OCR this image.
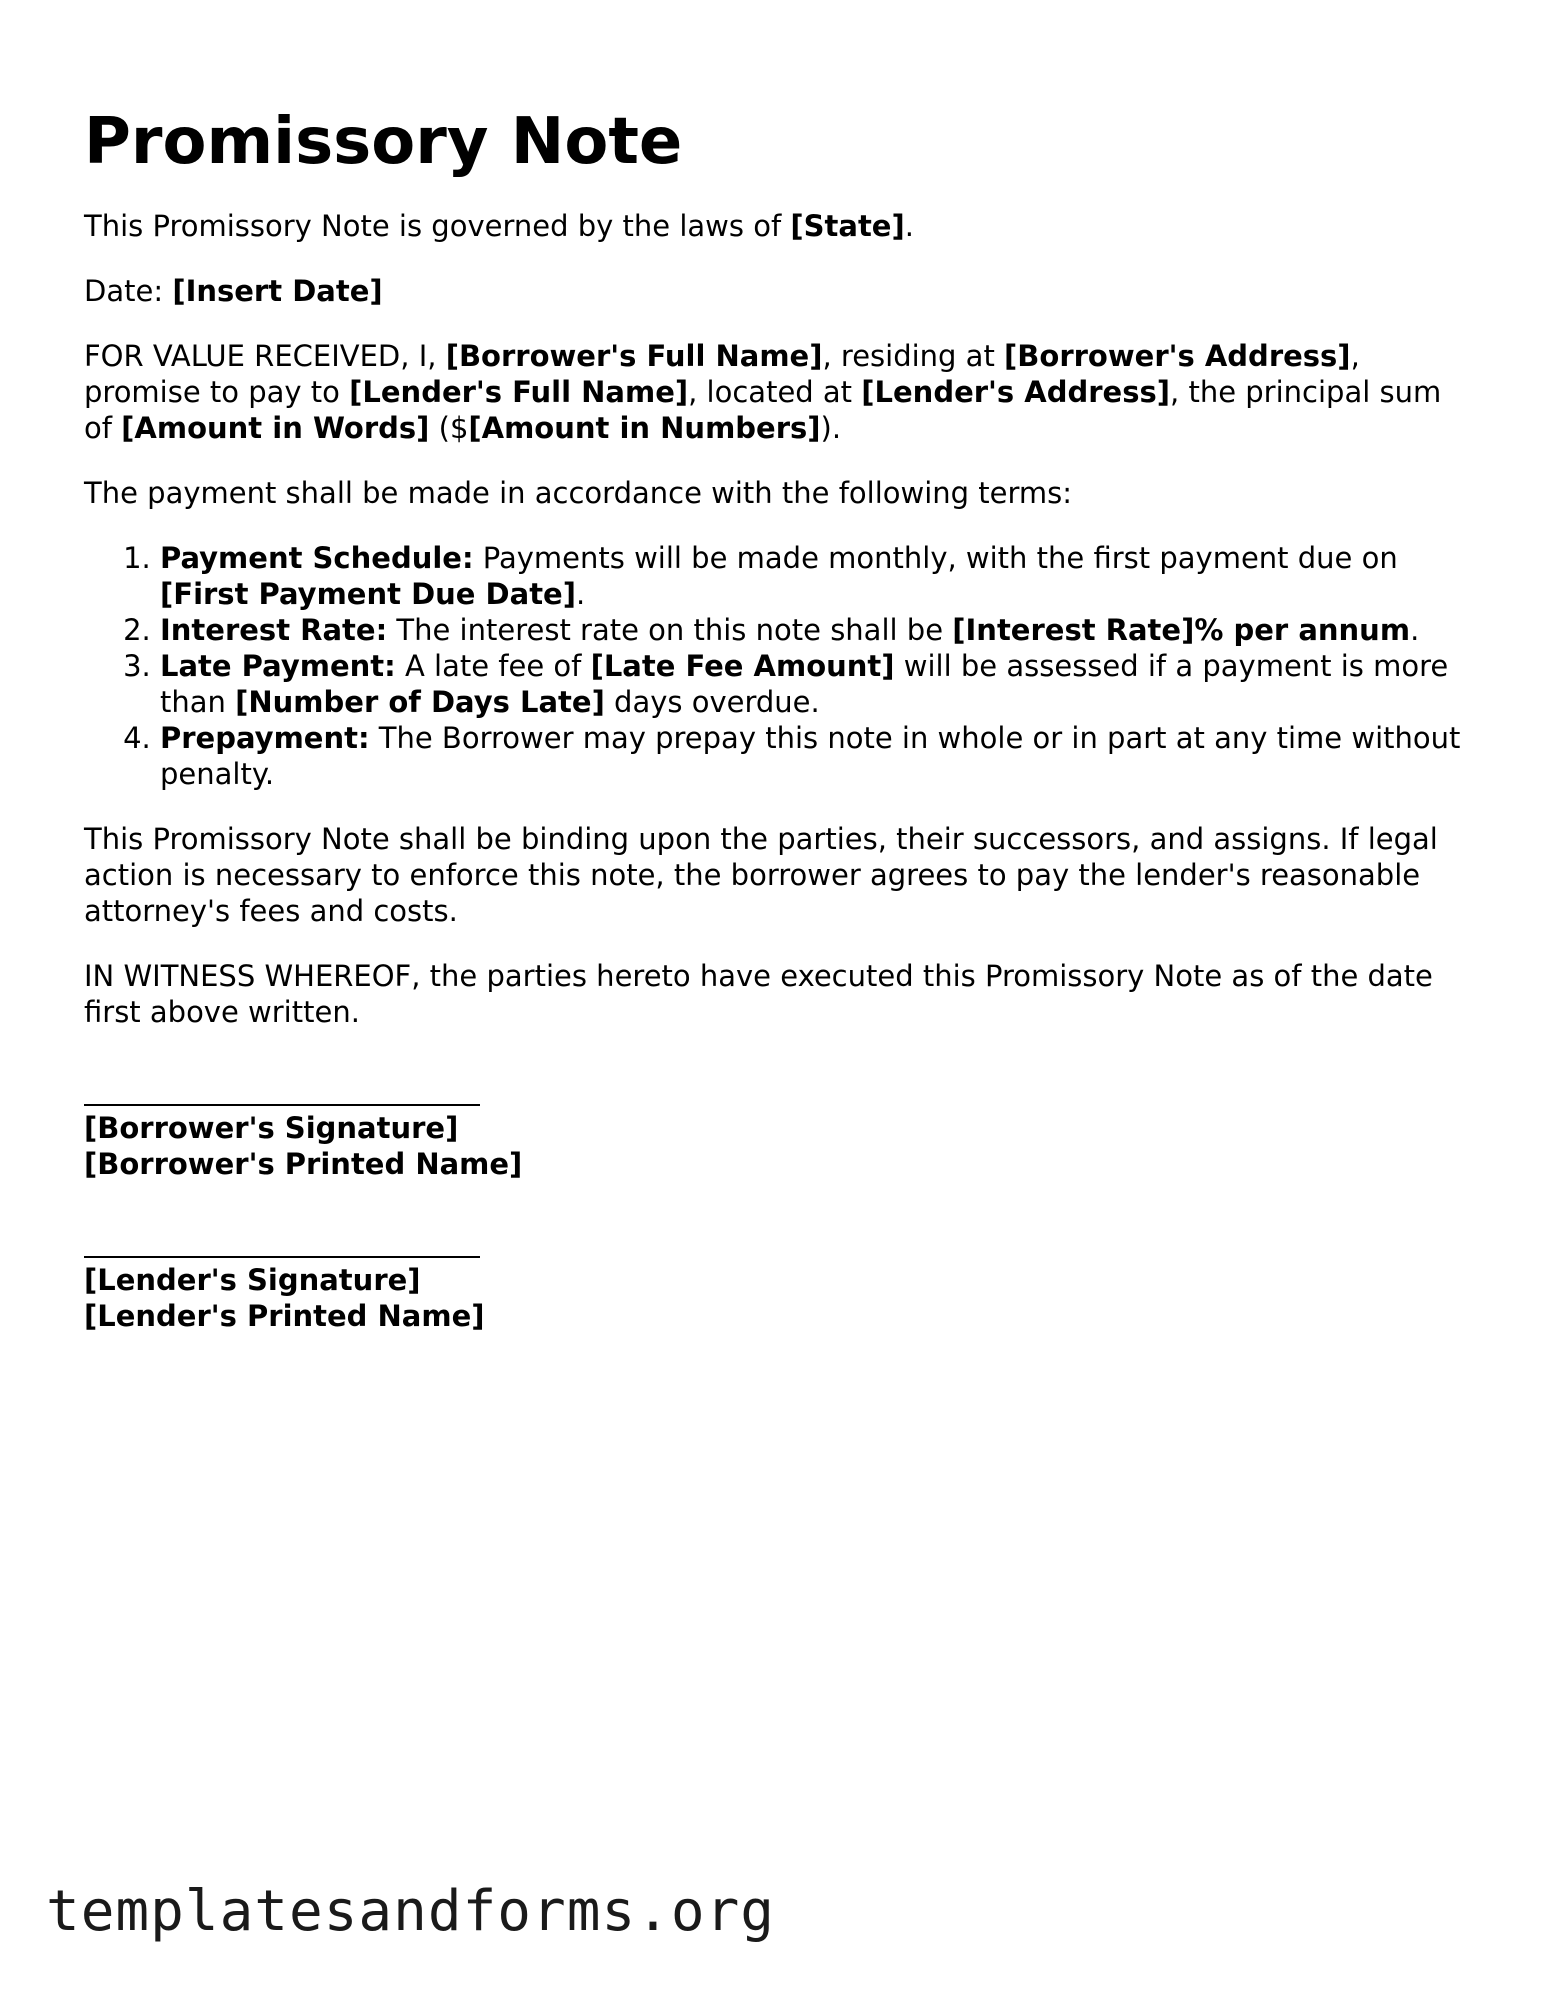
Promissory Note

This Promissory Note is governed by the laws of [State].

Date: [Insert Date]

FOR VALUE RECEIVED, I, [Borrower's Full Name], residing at [Borrower's Address], promise to pay to [Lender's Full Name], located at [Lender's Address], the principal sum of [Amount in Words] ($[Amount in Numbers]).

The payment shall be made in accordance with the following terms:

1. Payment Schedule: Payments will be made monthly, with the first payment due on [First Payment Due Date].
2. Interest Rate: The interest rate on this note shall be [Interest Rate]% per annum.
3. Late Payment: A late fee of [Late Fee Amount] will be assessed if a payment is more than [Number of Days Late] days overdue.
4. Prepayment: The Borrower may prepay this note in whole or in part at any time without penalty.

This Promissory Note shall be binding upon the parties, their successors, and assigns. If legal action is necessary to enforce this note, the borrower agrees to pay the lender's reasonable attorney's fees and costs.

IN WITNESS WHEREOF, the parties hereto have executed this Promissory Note as of the date first above written.

[Borrower's Signature]
[Borrower's Printed Name]
[Lender's Signature]
[Lender's Printed Name]
templatesandforms.org
